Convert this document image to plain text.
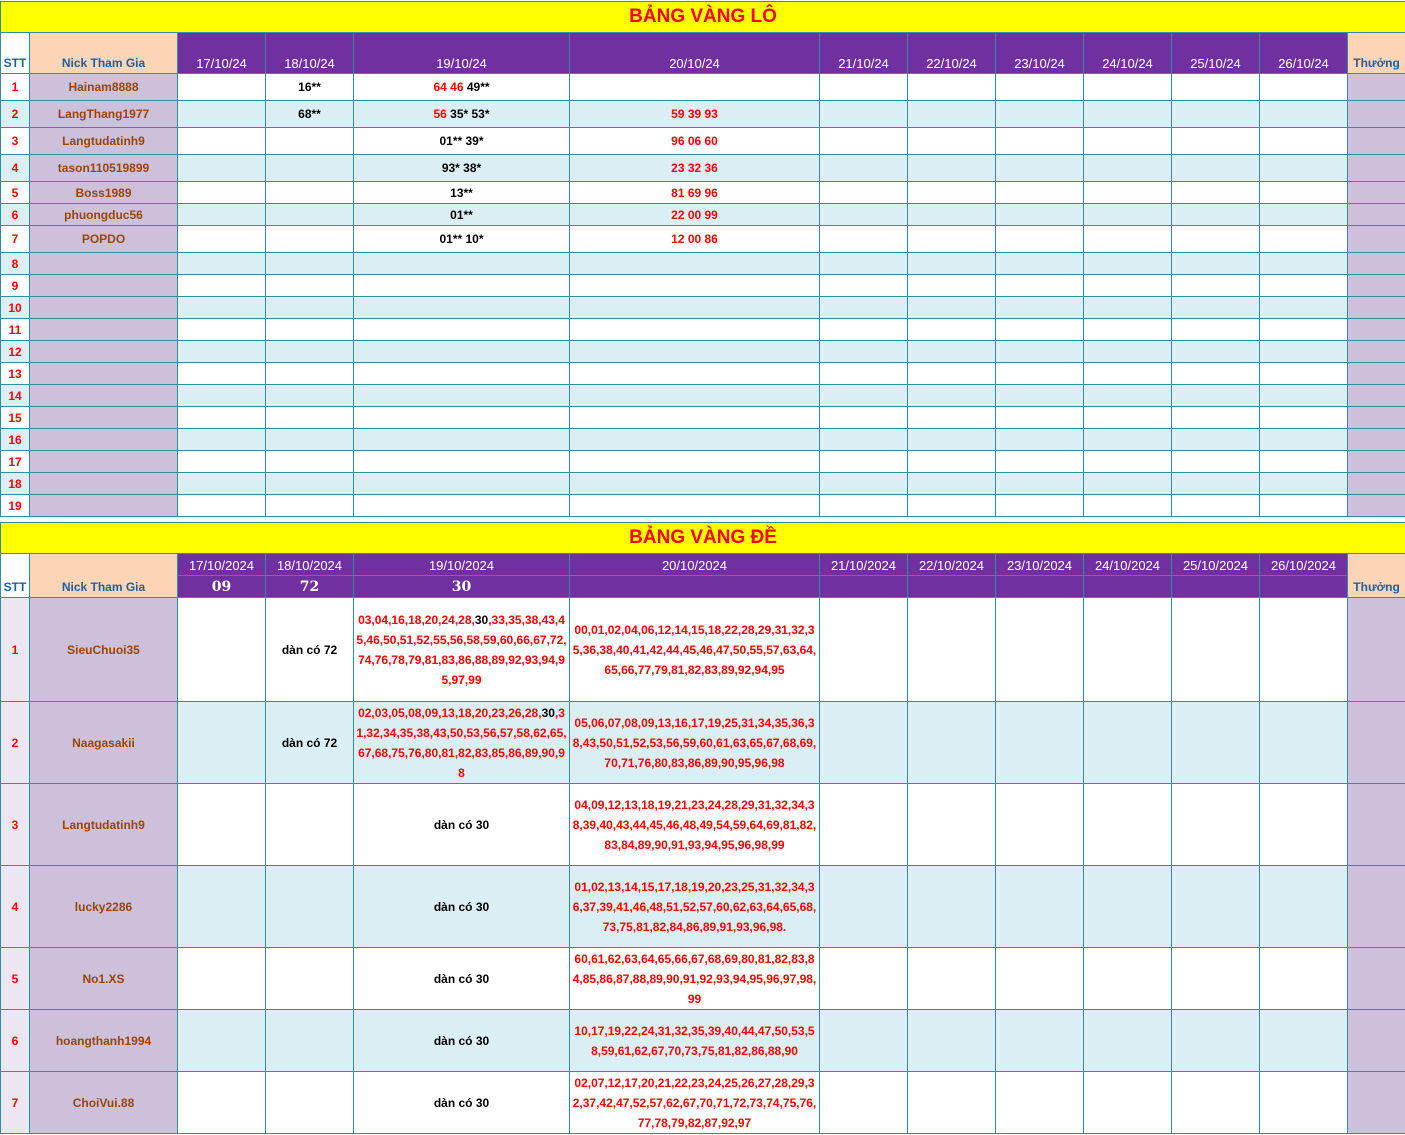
BẢNG VÀNG LÔ												
STT	Nick Tham Gia	17/10/24	18/10/24	19/10/24	20/10/24	21/10/24	22/10/24	23/10/24	24/10/24	25/10/24	26/10/24	Thưởng
1	Hainam8888		16**	64 46 49**								
2	LangThang1977		68**	56 35* 53*	59 39 93							
3	Langtudatinh9			01** 39*	96 06 60							
4	tason110519899			93* 38*	23 32 36							
5	Boss1989			13**	81 69 96							
6	phuongduc56			01**	22 00 99							
7	POPDO			01** 10*	12 00 86							
8												
9												
10												
11												
12												
13												
14												
15												
16												
17												
18												
19												
BẢNG VÀNG ĐỀ												
STT	Nick Tham Gia	17/10/2024	18/10/2024	19/10/2024	20/10/2024	21/10/2024	22/10/2024	23/10/2024	24/10/2024	25/10/2024	26/10/2024	Thưởng
		09	72	30								
1	SieuChuoi35		dàn có 72	03,04,16,18,20,24,28,30,33,35,38,43,45,46,50,51,52,55,56,58,59,60,66,67,72,74,76,78,79,81,83,86,88,89,92,93,94,95,97,99	00,01,02,04,06,12,14,15,18,22,28,29,31,32,35,36,38,40,41,42,44,45,46,47,50,55,57,63,64,65,66,77,79,81,82,83,89,92,94,95							
2	Naagasakii		dàn có 72	02,03,05,08,09,13,18,20,23,26,28,30,31,32,34,35,38,43,50,53,56,57,58,62,65,67,68,75,76,80,81,82,83,85,86,89,90,98	05,06,07,08,09,13,16,17,19,25,31,34,35,36,38,43,50,51,52,53,56,59,60,61,63,65,67,68,69,70,71,76,80,83,86,89,90,95,96,98							
3	Langtudatinh9			dàn có 30	04,09,12,13,18,19,21,23,24,28,29,31,32,34,38,39,40,43,44,45,46,48,49,54,59,64,69,81,82,83,84,89,90,91,93,94,95,96,98,99							
4	lucky2286			dàn có 30	01,02,13,14,15,17,18,19,20,23,25,31,32,34,36,37,39,41,46,48,51,52,57,60,62,63,64,65,68,73,75,81,82,84,86,89,91,93,96,98.							
5	No1.XS			dàn có 30	60,61,62,63,64,65,66,67,68,69,80,81,82,83,84,85,86,87,88,89,90,91,92,93,94,95,96,97,98,99							
6	hoangthanh1994			dàn có 30	10,17,19,22,24,31,32,35,39,40,44,47,50,53,58,59,61,62,67,70,73,75,81,82,86,88,90							
7	ChoiVui.88			dàn có 30	02,07,12,17,20,21,22,23,24,25,26,27,28,29,32,37,42,47,52,57,62,67,70,71,72,73,74,75,76,77,78,79,82,87,92,97							
